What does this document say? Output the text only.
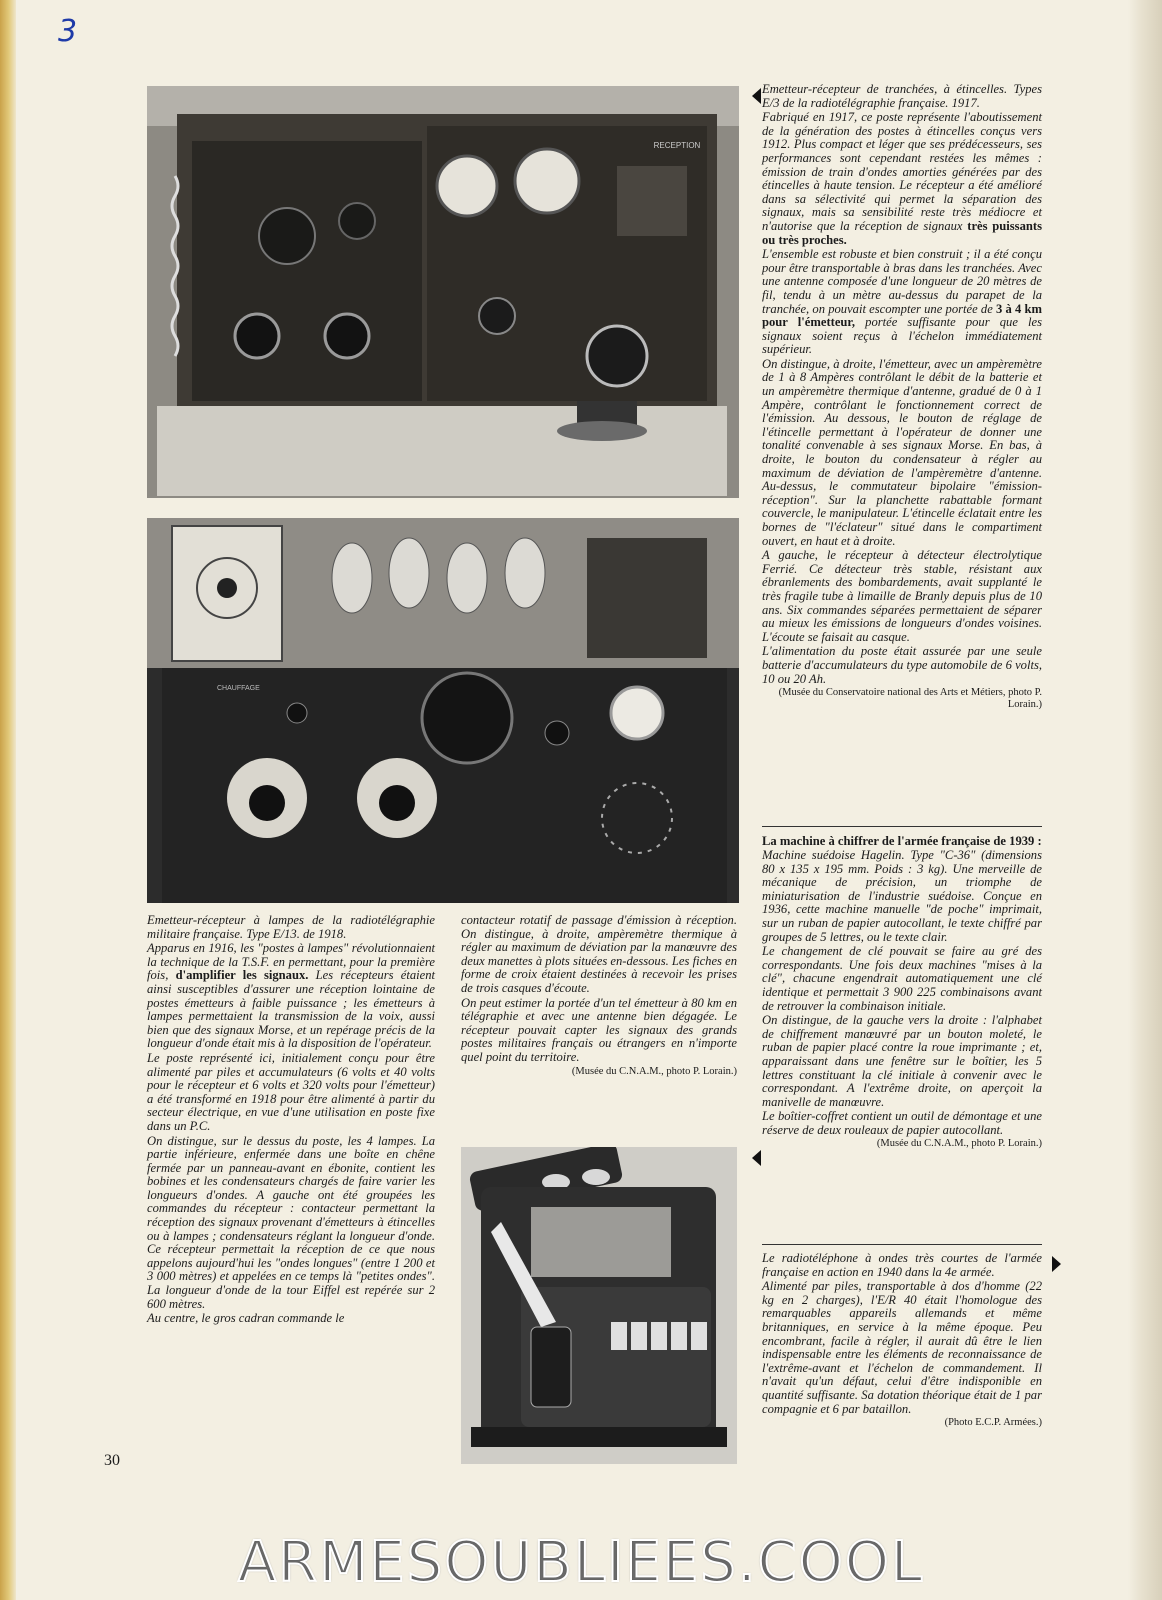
3
RECEPTION
CHAUFFAGE

Emetteur-récepteur de tranchées, à étincelles. Types E/3 de la radiotélégraphie française. 1917.

Fabriqué en 1917, ce poste représente l'aboutissement de la génération des postes à étincelles conçus vers 1912. Plus compact et léger que ses prédécesseurs, ses performances sont cependant restées les mêmes : émission de train d'ondes amorties générées par des étincelles à haute tension. Le récepteur a été amélioré dans sa sélectivité qui permet la séparation des signaux, mais sa sensibilité reste très médiocre et n'autorise que la réception de signaux très puissants ou très proches.

L'ensemble est robuste et bien construit ; il a été conçu pour être transportable à bras dans les tranchées. Avec une antenne composée d'une longueur de 20 mètres de fil, tendu à un mètre au-dessus du parapet de la tranchée, on pouvait escompter une portée de 3 à 4 km pour l'émetteur, portée suffisante pour que les signaux soient reçus à l'échelon immédiatement supérieur.

On distingue, à droite, l'émetteur, avec un ampèremètre de 1 à 8 Ampères contrôlant le débit de la batterie et un ampèremètre thermique d'antenne, gradué de 0 à 1 Ampère, contrôlant le fonctionnement correct de l'émission. Au dessous, le bouton de réglage de l'étincelle permettant à l'opérateur de donner une tonalité convenable à ses signaux Morse. En bas, à droite, le bouton du condensateur à régler au maximum de déviation de l'ampèremètre d'antenne. Au-dessus, le commutateur bipolaire "émission-réception". Sur la planchette rabattable formant couvercle, le manipulateur. L'étincelle éclatait entre les bornes de "l'éclateur" situé dans le compartiment ouvert, en haut et à droite.

A gauche, le récepteur à détecteur électrolytique Ferrié. Ce détecteur très stable, résistant aux ébranlements des bombardements, avait supplanté le très fragile tube à limaille de Branly depuis plus de 10 ans. Six commandes séparées permettaient de séparer au mieux les émissions de longueurs d'ondes voisines. L'écoute se faisait au casque.

L'alimentation du poste était assurée par une seule batterie d'accumulateurs du type automobile de 6 volts, 10 ou 20 Ah.

(Musée du Conservatoire national des Arts et Métiers, photo P. Lorain.)

La machine à chiffrer de l'armée française de 1939 :

Machine suédoise Hagelin. Type "C-36" (dimensions 80 x 135 x 195 mm. Poids : 3 kg). Une merveille de mécanique de précision, un triomphe de miniaturisation de l'industrie suédoise. Conçue en 1936, cette machine manuelle "de poche" imprimait, sur un ruban de papier autocollant, le texte chiffré par groupes de 5 lettres, ou le texte clair.

Le changement de clé pouvait se faire au gré des correspondants. Une fois deux machines "mises à la clé", chacune engendrait automatiquement une clé identique et permettait 3 900 225 combinaisons avant de retrouver la combinaison initiale.

On distingue, de la gauche vers la droite : l'alphabet de chiffrement manœuvré par un bouton moleté, le ruban de papier placé contre la roue imprimante ; et, apparaissant dans une fenêtre sur le boîtier, les 5 lettres constituant la clé initiale à convenir avec le correspondant. A l'extrême droite, on aperçoit la manivelle de manœuvre.

Le boîtier-coffret contient un outil de démontage et une réserve de deux rouleaux de papier autocollant.

(Musée du C.N.A.M., photo P. Lorain.)

Le radiotéléphone à ondes très courtes de l'armée française en action en 1940 dans la 4e armée.

Alimenté par piles, transportable à dos d'homme (22 kg en 2 charges), l'E/R 40 était l'homologue des remarquables appareils allemands et même britanniques, en service à la même époque. Peu encombrant, facile à régler, il aurait dû être le lien indispensable entre les éléments de reconnaissance de l'extrême-avant et l'échelon de commandement. Il n'avait qu'un défaut, celui d'être indisponible en quantité suffisante. Sa dotation théorique était de 1 par compagnie et 6 par bataillon.

(Photo E.C.P. Armées.)

Emetteur-récepteur à lampes de la radiotélégraphie militaire française. Type E/13. de 1918.

Apparus en 1916, les "postes à lampes" révolutionnaient la technique de la T.S.F. en permettant, pour la première fois, d'amplifier les signaux. Les récepteurs étaient ainsi susceptibles d'assurer une réception lointaine de postes émetteurs à faible puissance ; les émetteurs à lampes permettaient la transmission de la voix, aussi bien que des signaux Morse, et un repérage précis de la longueur d'onde était mis à la disposition de l'opérateur.

Le poste représenté ici, initialement conçu pour être alimenté par piles et accumulateurs (6 volts et 40 volts pour le récepteur et 6 volts et 320 volts pour l'émetteur) a été transformé en 1918 pour être alimenté à partir du secteur électrique, en vue d'une utilisation en poste fixe dans un P.C.

On distingue, sur le dessus du poste, les 4 lampes. La partie inférieure, enfermée dans une boîte en chêne fermée par un panneau-avant en ébonite, contient les bobines et les condensateurs chargés de faire varier les longueurs d'ondes. A gauche ont été groupées les commandes du récepteur : contacteur permettant la réception des signaux provenant d'émetteurs à étincelles ou à lampes ; condensateurs réglant la longueur d'onde. Ce récepteur permettait la réception de ce que nous appelons aujourd'hui les "ondes longues" (entre 1 200 et 3 000 mètres) et appelées en ce temps là "petites ondes". La longueur d'onde de la tour Eiffel est repérée sur 2 600 mètres.

Au centre, le gros cadran commande le

contacteur rotatif de passage d'émission à réception. On distingue, à droite, ampèremètre thermique à régler au maximum de déviation par la manœuvre des deux manettes à plots situées en-dessous. Les fiches en forme de croix étaient destinées à recevoir les prises de trois casques d'écoute.

On peut estimer la portée d'un tel émetteur à 80 km en télégraphie et avec une antenne bien dégagée. Le récepteur pouvait capter les signaux des grands postes militaires français ou étrangers en n'importe quel point du territoire.

(Musée du C.N.A.M., photo P. Lorain.)

30
ARMESOUBLIEES.COOL
